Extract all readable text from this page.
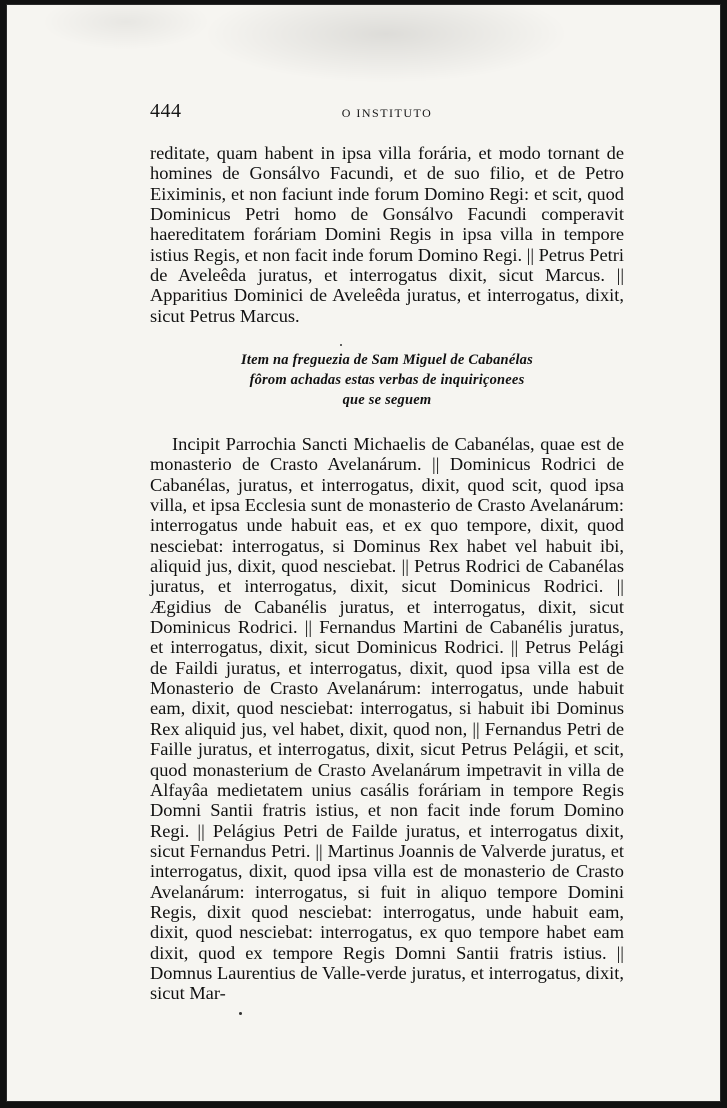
444	O INSTITUTO
reditate, quam habent in ipsa villa forária, et modo tornant de homines de Gonsálvo Facundi, et de suo filio, et de Petro Eiximinis, et non faciunt inde forum Domino Regi: et scit, quod Dominicus Petri homo de Gonsálvo Facundi comperavit haereditatem foráriam Domini Regis in ipsa villa in tempore istius Regis, et non facit inde forum Domino Regi. || Petrus Petri de Aveleêda juratus, et interrogatus dixit, sicut Marcus. || Apparitius Dominici de Aveleêda juratus, et interrogatus, dixit, sicut Petrus Marcus.
Item na freguezia de Sam Miguel de Cabanélas
fôrom achadas estas verbas de inquiriçonees
que se seguem
Incipit Parrochia Sancti Michaelis de Cabanélas, quae est de monasterio de Crasto Avelanárum. || Dominicus Rodrici de Cabanélas, juratus, et interrogatus, dixit, quod scit, quod ipsa villa, et ipsa Ecclesia sunt de monasterio de Crasto Avelanárum: interrogatus unde habuit eas, et ex quo tempore, dixit, quod nesciebat: interrogatus, si Dominus Rex habet vel habuit ibi, aliquid jus, dixit, quod nesciebat. || Petrus Rodrici de Cabanélas juratus, et interrogatus, dixit, sicut Dominicus Rodrici. || Ægidius de Cabanélis juratus, et interrogatus, dixit, sicut Dominicus Rodrici. || Fernandus Martini de Cabanélis juratus, et interrogatus, dixit, sicut Dominicus Rodrici. || Petrus Pelági de Faildi juratus, et interrogatus, dixit, quod ipsa villa est de Monasterio de Crasto Avelanárum: interrogatus, unde habuit eam, dixit, quod nesciebat: interrogatus, si habuit ibi Dominus Rex aliquid jus, vel habet, dixit, quod non, || Fernandus Petri de Faille juratus, et interrogatus, dixit, sicut Petrus Pelágii, et scit, quod monasterium de Crasto Avelanárum impetravit in villa de Alfayâa medietatem unius casális foráriam in tempore Regis Domni Santii fratris istius, et non facit inde forum Domino Regi. || Pelágius Petri de Failde juratus, et interrogatus dixit, sicut Fernandus Petri. || Martinus Joannis de Valverde juratus, et interrogatus, dixit, quod ipsa villa est de monasterio de Crasto Avelanárum: interrogatus, si fuit in aliquo tempore Domini Regis, dixit quod nesciebat: interrogatus, unde habuit eam, dixit, quod nesciebat: interrogatus, ex quo tempore habet eam dixit, quod ex tempore Regis Domni Santii fratris istius. || Domnus Laurentius de Valle-verde juratus, et interrogatus, dixit, sicut Mar-
